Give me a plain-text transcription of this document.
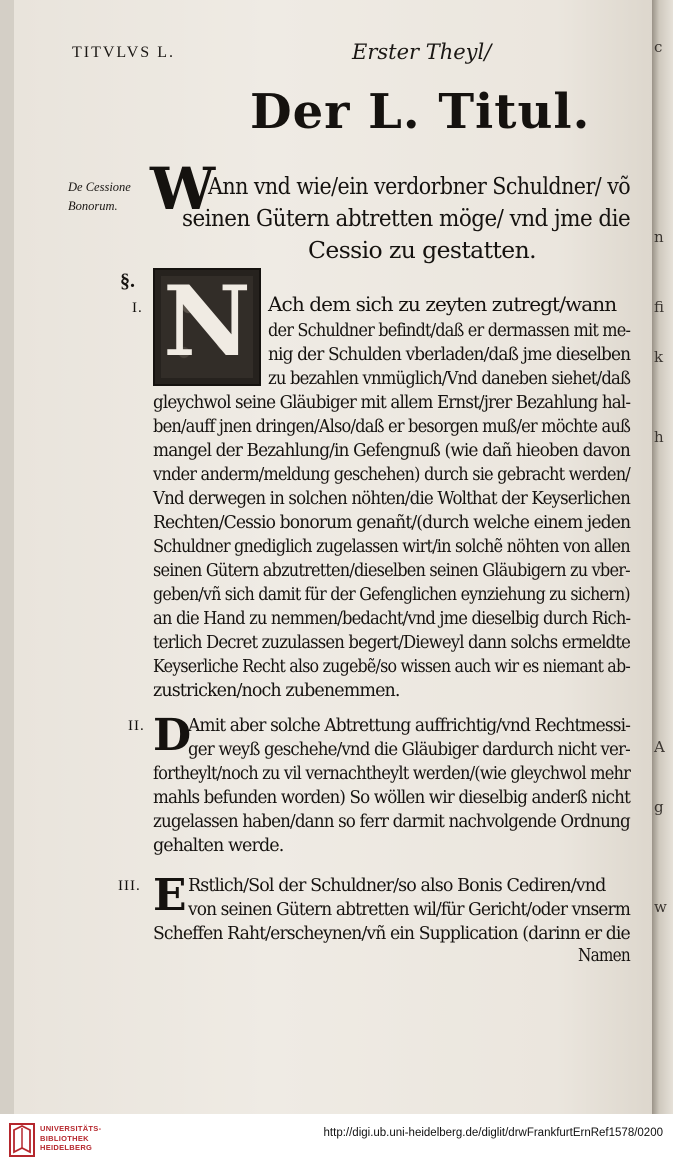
c
n
ﬁ
k
h
A
g
w
TITVLVS L.	Erster Theyl/
Der L. Titul.
De Cessione
Bonorum. W
Ann vnd wie/ein verdorbner Schuldner/ võ
seinen Gütern abtretten möge/ vnd jme die
Cessio zu gestatten.
§.
I. N Ach dem sich zu zeyten zutregt/wann
der Schuldner befindt/daß er dermassen mit me-
nig der Schulden vberladen/daß jme dieselben
zu bezahlen vnmüglich/Vnd daneben siehet/daß
gleychwol seine Gläubiger mit allem Ernst/jrer Bezahlung hal-
ben/auff jnen dringen/Also/daß er besorgen muß/er möchte auß
mangel der Bezahlung/in Gefengnuß (wie dañ hieoben davon
vnder anderm/meldung geschehen) durch sie gebracht werden/
Vnd derwegen in solchen nöhten/die Wolthat der Keyserlichen
Rechten/Cessio bonorum genañt/(durch welche einem jeden
Schuldner gnediglich zugelassen wirt/in solchẽ nöhten von allen
seinen Gütern abzutretten/dieselben seinen Gläubigern zu vber-
geben/vñ sich damit für der Gefenglichen eynziehung zu sichern)
an die Hand zu nemmen/bedacht/vnd jme dieselbig durch Rich-
terlich Decret zuzulassen begert/Dieweyl dann solchs ermeldte
Keyserliche Recht also zugebẽ/so wissen auch wir es niemant ab-
zustricken/noch zubenemmen.
II. D
Amit aber solche Abtrettung auffrichtig/vnd Rechtmessi-
ger weyß geschehe/vnd die Gläubiger dardurch nicht ver-
fortheylt/noch zu vil vernachtheylt werden/(wie gleychwol mehr
mahls befunden worden) So wöllen wir dieselbig anderß nicht
zugelassen haben/dann so ferr darmit nachvolgende Ordnung
gehalten werde.
III. E Rstlich/Sol der Schuldner/so also Bonis Cediren/vnd
von seinen Gütern abtretten wil/für Gericht/oder vnserm
Scheffen Raht/erscheynen/vñ ein Supplication (darinn er die
Namen
UNIVERSITÄTS-
BIBLIOTHEK
HEIDELBERG
http://digi.ub.uni-heidelberg.de/diglit/drwFrankfurtErnRef1578/0200
